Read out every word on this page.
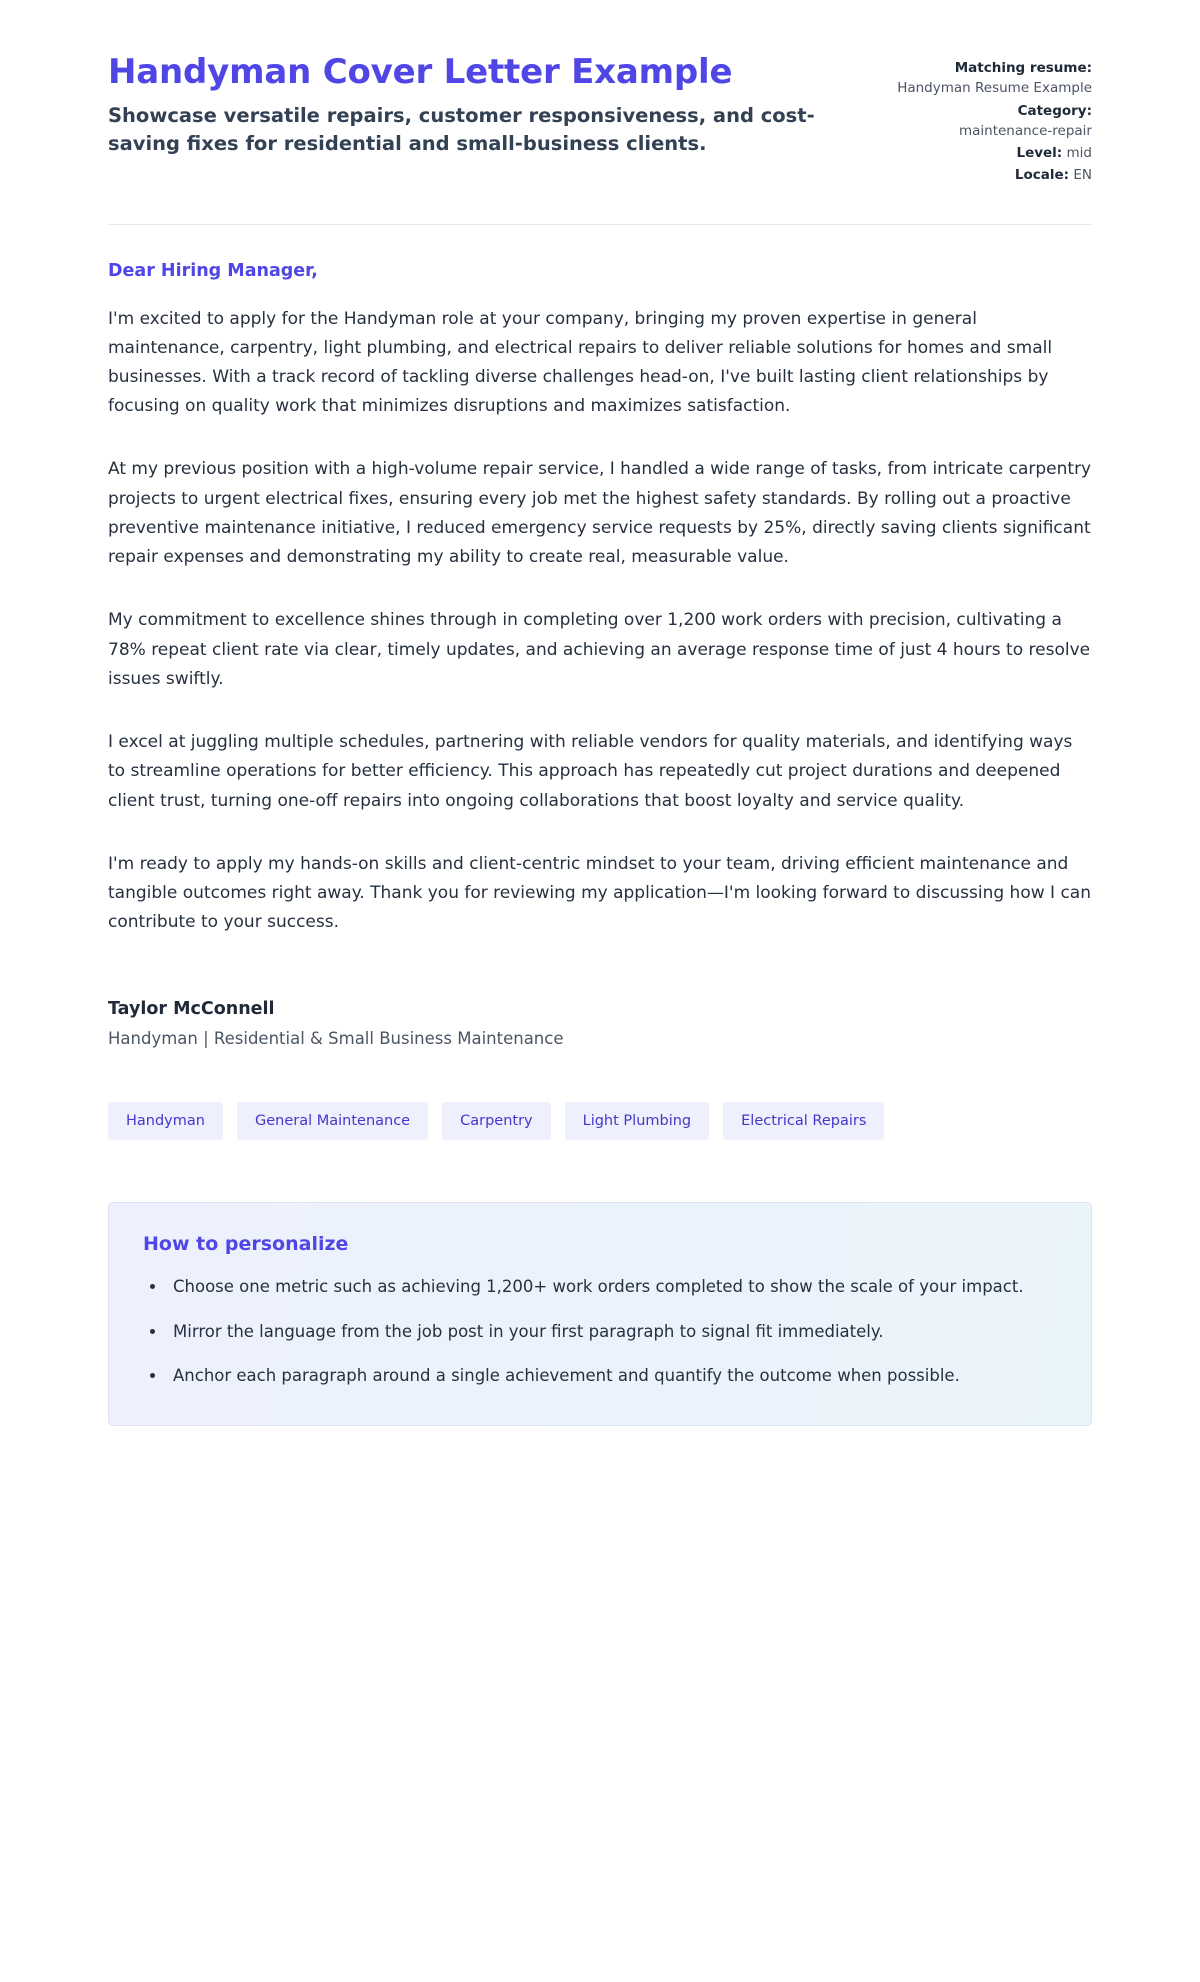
Handyman Cover Letter Example

Showcase versatile repairs, customer responsiveness, and cost-saving fixes for residential and small-business clients.

Matching resume:
Handyman Resume Example
Category:
maintenance-repair
Level: mid
Locale: EN

Dear Hiring Manager,

I'm excited to apply for the Handyman role at your company, bringing my proven expertise in general maintenance, carpentry, light plumbing, and electrical repairs to deliver reliable solutions for homes and small businesses. With a track record of tackling diverse challenges head-on, I've built lasting client relationships by focusing on quality work that minimizes disruptions and maximizes satisfaction.

At my previous position with a high-volume repair service, I handled a wide range of tasks, from intricate carpentry projects to urgent electrical fixes, ensuring every job met the highest safety standards. By rolling out a proactive preventive maintenance initiative, I reduced emergency service requests by 25%, directly saving clients significant repair expenses and demonstrating my ability to create real, measurable value.

My commitment to excellence shines through in completing over 1,200 work orders with precision, cultivating a 78% repeat client rate via clear, timely updates, and achieving an average response time of just 4 hours to resolve issues swiftly.

I excel at juggling multiple schedules, partnering with reliable vendors for quality materials, and identifying ways to streamline operations for better efficiency. This approach has repeatedly cut project durations and deepened client trust, turning one-off repairs into ongoing collaborations that boost loyalty and service quality.

I'm ready to apply my hands-on skills and client-centric mindset to your team, driving efficient maintenance and tangible outcomes right away. Thank you for reviewing my application—I'm looking forward to discussing how I can contribute to your success.

Taylor McConnell

Handyman | Residential & Small Business Maintenance

Handyman	General Maintenance	Carpentry	Light Plumbing	Electrical Repairs
How to personalize
• Choose one metric such as achieving 1,200+ work orders completed to show the scale of your impact.
• Mirror the language from the job post in your first paragraph to signal fit immediately.
• Anchor each paragraph around a single achievement and quantify the outcome when possible.
